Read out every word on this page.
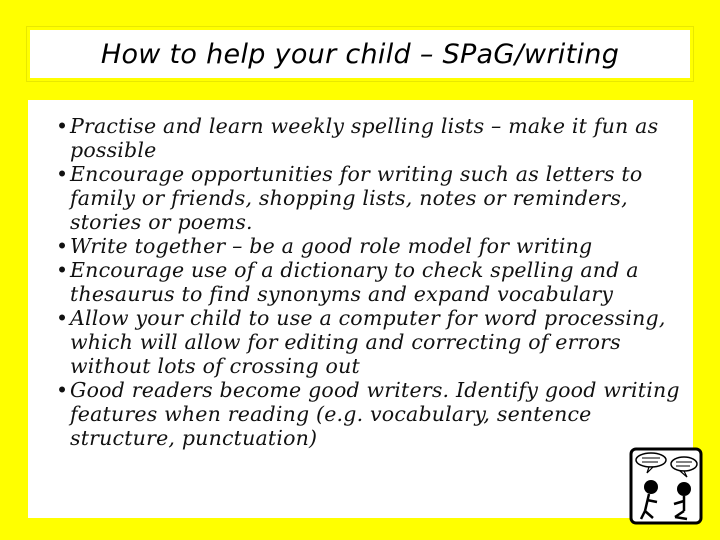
How to help your child – SPaG/writing
• Practise and learn weekly spelling lists – make it fun as possible
• Encourage opportunities for writing such as letters to family or friends, shopping lists, notes or reminders, stories or poems.
• Write together – be a good role model for writing
• Encourage use of a dictionary to check spelling and a thesaurus to find synonyms and expand vocabulary
• Allow your child to use a computer for word processing, which will allow for editing and correcting of errors without lots of crossing out
• Good readers become good writers. Identify good writing features when reading (e.g. vocabulary, sentence structure, punctuation)
